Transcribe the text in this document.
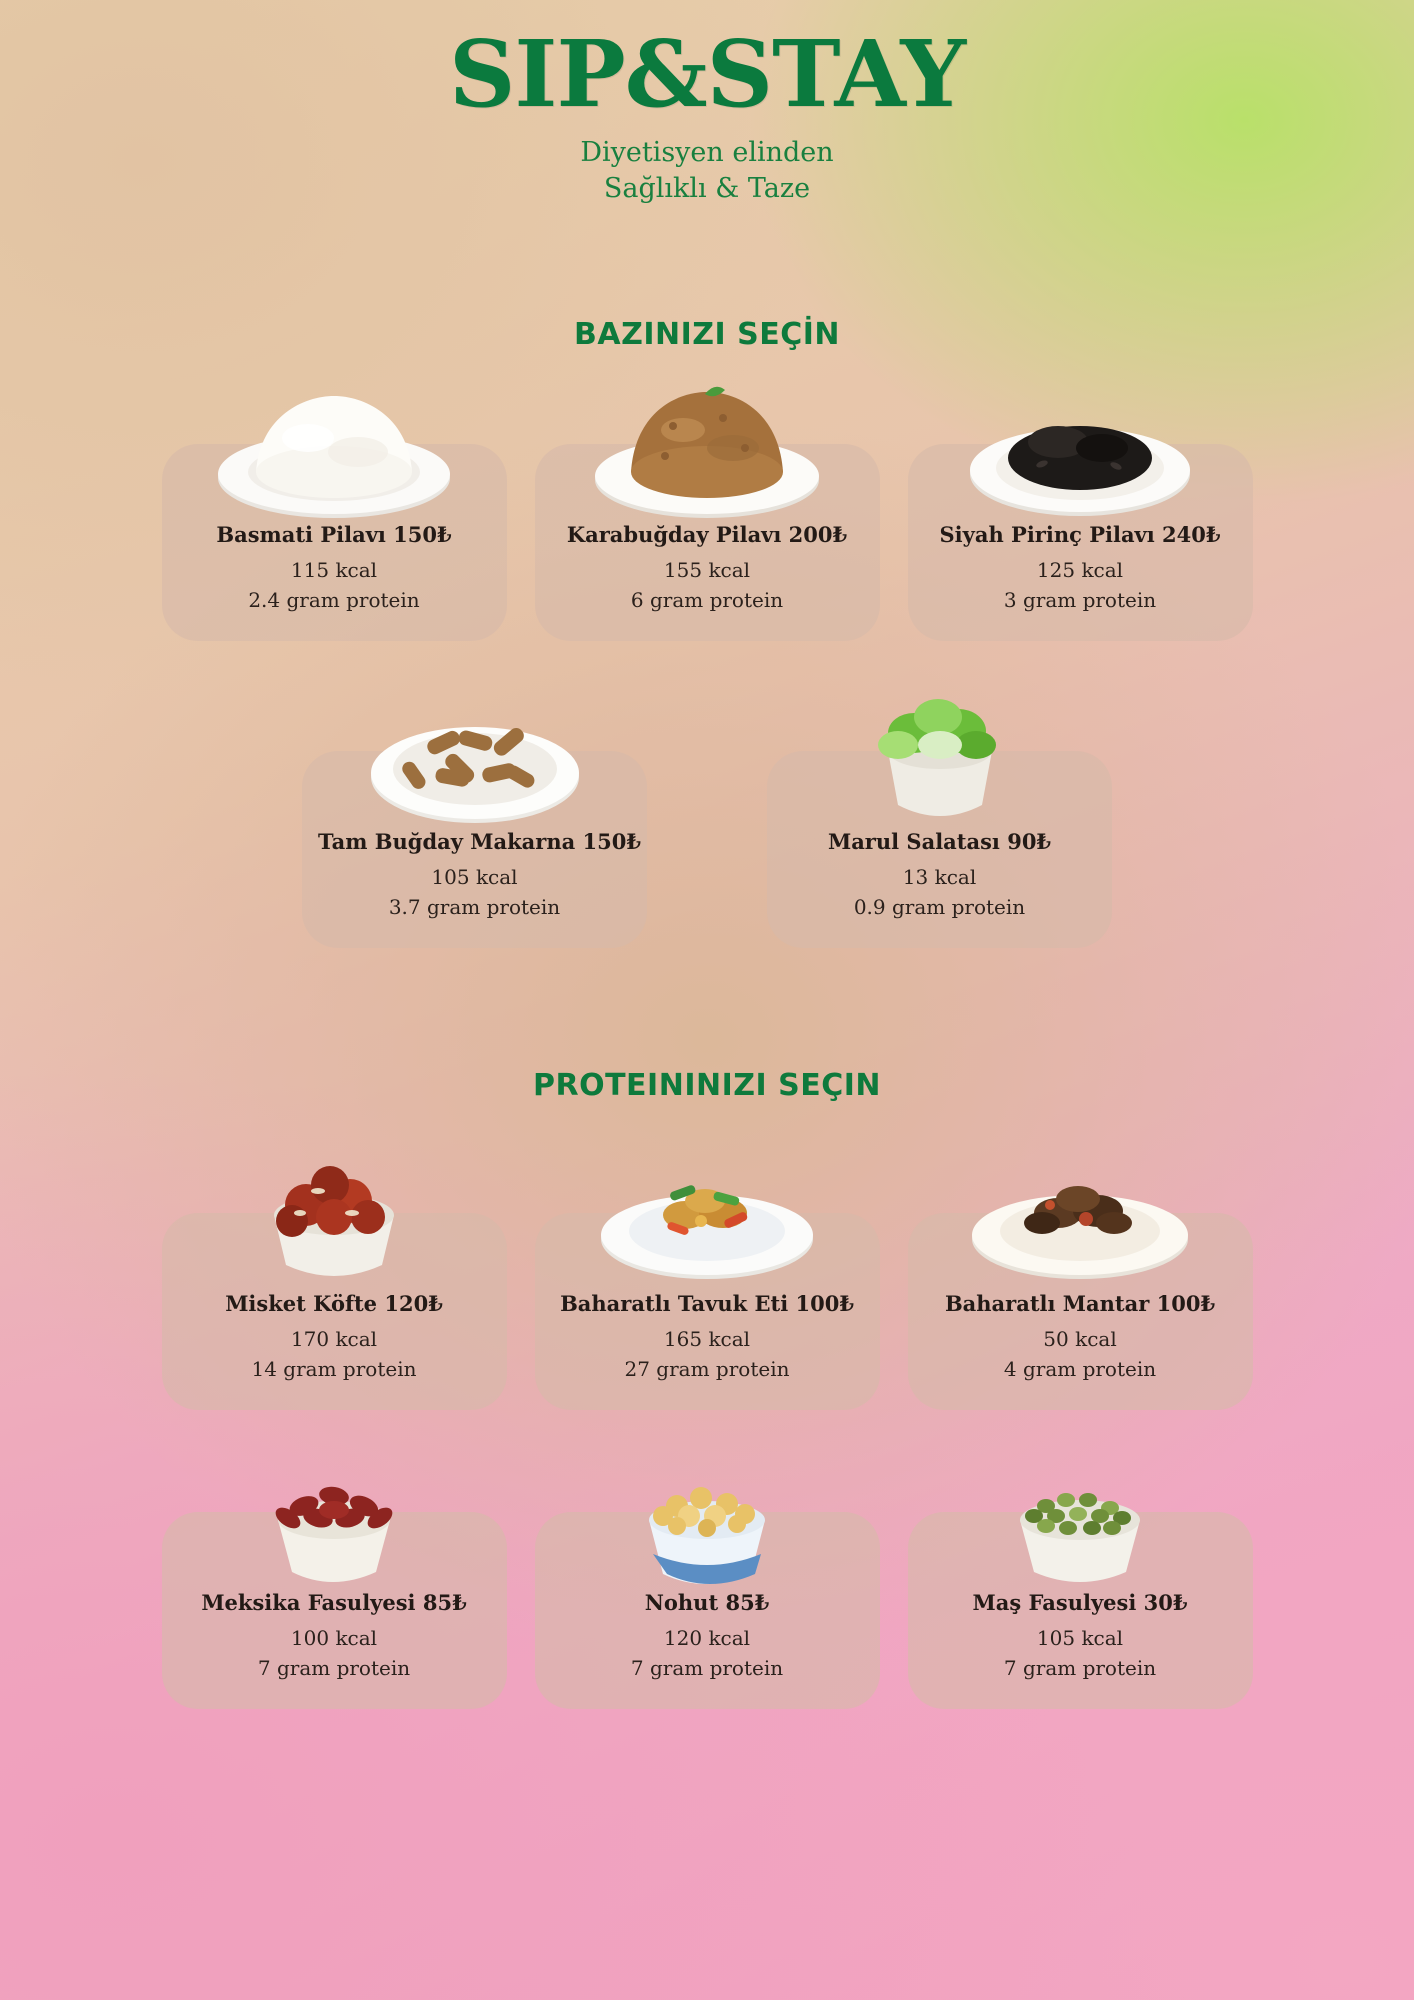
SIP&STAY
Diyetisyen elinden
Sağlıklı & Taze
BAZINIZI SEÇİN
Basmati Pilavı 150₺
115 kcal
2.4 gram protein
Karabuğday Pilavı 200₺
155 kcal
6 gram protein
Siyah Pirinç Pilavı 240₺
125 kcal
3 gram protein
Tam Buğday Makarna 150₺
105 kcal
3.7 gram protein
Marul Salatası 90₺
13 kcal
0.9 gram protein
PROTEININIZI SEÇIN
Misket Köfte 120₺
170 kcal
14 gram protein
Baharatlı Tavuk Eti 100₺
165 kcal
27 gram protein
Baharatlı Mantar 100₺
50 kcal
4 gram protein
Meksika Fasulyesi 85₺
100 kcal
7 gram protein
Nohut 85₺
120 kcal
7 gram protein
Maş Fasulyesi 30₺
105 kcal
7 gram protein
